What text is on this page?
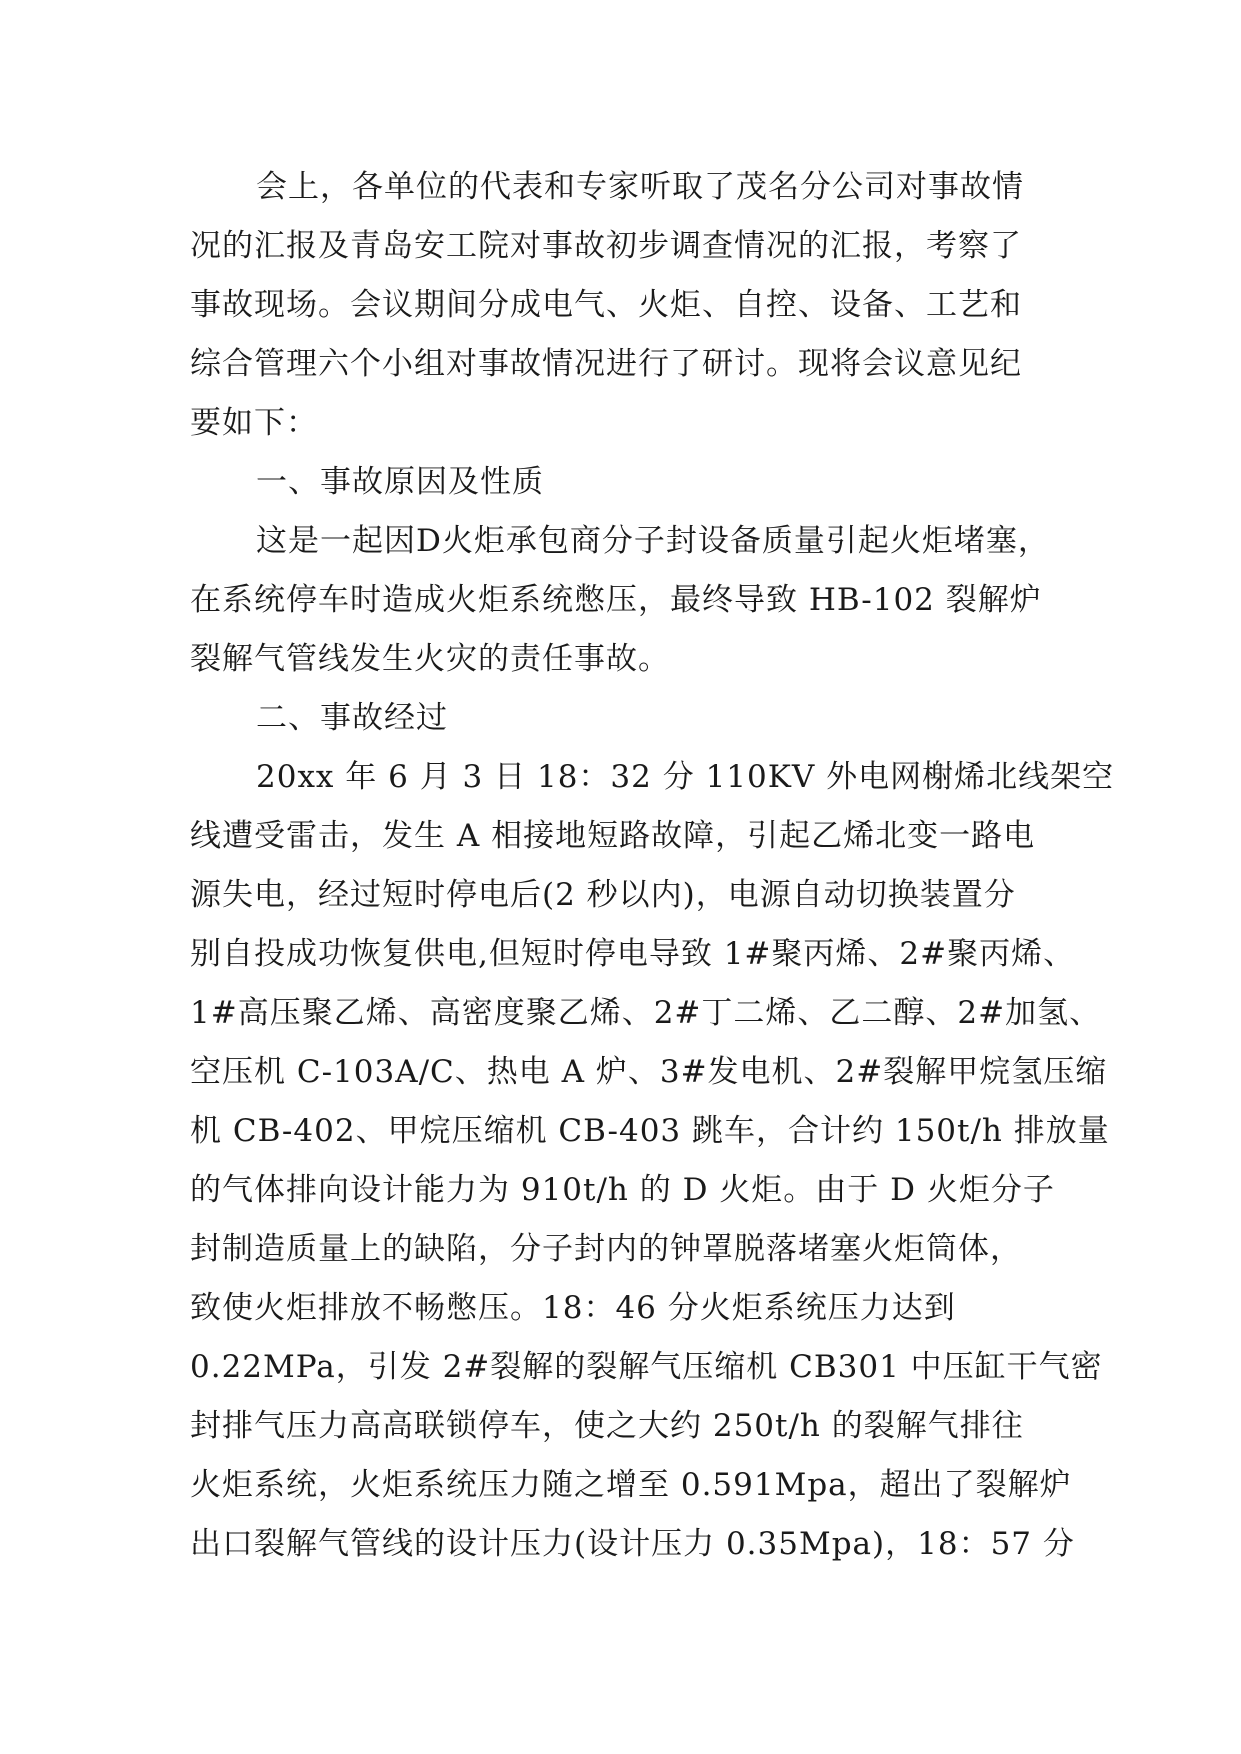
会上，各单位的代表和专家听取了茂名分公司对事故情
况的汇报及青岛安工院对事故初步调查情况的汇报，考察了
事故现场。会议期间分成电气、火炬、自控、设备、工艺和
综合管理六个小组对事故情况进行了研讨。现将会议意见纪
要如下：
一、事故原因及性质
这是一起因D火炬承包商分子封设备质量引起火炬堵塞，
在系统停车时造成火炬系统憋压，最终导致 HB-102 裂解炉
裂解气管线发生火灾的责任事故。
二、事故经过
20xx 年 6 月 3 日 18：32 分 110KV 外电网榭烯北线架空
线遭受雷击，发生 A 相接地短路故障，引起乙烯北变一路电
源失电，经过短时停电后(2 秒以内)，电源自动切换装置分
别自投成功恢复供电,但短时停电导致 1#聚丙烯、2#聚丙烯、
1#高压聚乙烯、高密度聚乙烯、2#丁二烯、乙二醇、2#加氢、
空压机 C-103A/C、热电 A 炉、3#发电机、2#裂解甲烷氢压缩
机 CB-402、甲烷压缩机 CB-403 跳车，合计约 150t/h 排放量
的气体排向设计能力为 910t/h 的 D 火炬。由于 D 火炬分子
封制造质量上的缺陷，分子封内的钟罩脱落堵塞火炬筒体，
致使火炬排放不畅憋压。18：46 分火炬系统压力达到
0.22MPa，引发 2#裂解的裂解气压缩机 CB301 中压缸干气密
封排气压力高高联锁停车，使之大约 250t/h 的裂解气排往
火炬系统，火炬系统压力随之增至 0.591Mpa，超出了裂解炉
出口裂解气管线的设计压力(设计压力 0.35Mpa)，18：57 分
